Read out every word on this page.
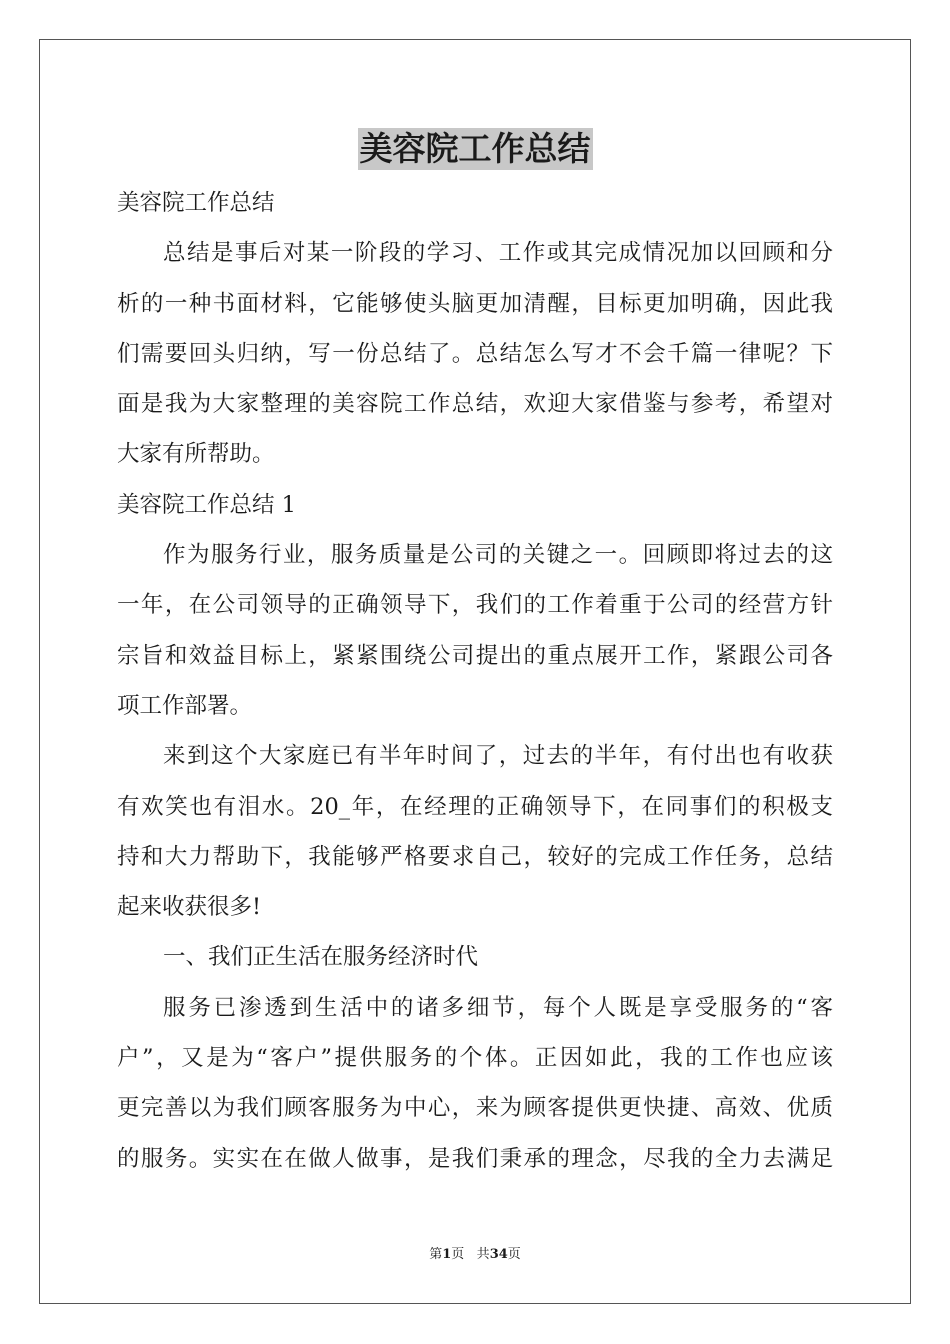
美容院工作总结
美容院工作总结
总结是事后对某一阶段的学习、工作或其完成情况加以回顾和分
析的一种书面材料，它能够使头脑更加清醒，目标更加明确，因此我
们需要回头归纳，写一份总结了。总结怎么写才不会千篇一律呢？下
面是我为大家整理的美容院工作总结，欢迎大家借鉴与参考，希望对
大家有所帮助。
美容院工作总结 1
作为服务行业，服务质量是公司的关键之一。回顾即将过去的这
一年，在公司领导的正确领导下，我们的工作着重于公司的经营方针
宗旨和效益目标上，紧紧围绕公司提出的重点展开工作，紧跟公司各
项工作部署。
来到这个大家庭已有半年时间了，过去的半年，有付出也有收获
有欢笑也有泪水。20_年，在经理的正确领导下，在同事们的积极支
持和大力帮助下，我能够严格要求自己，较好的完成工作任务，总结
起来收获很多!
一、我们正生活在服务经济时代
服务已渗透到生活中的诸多细节，每个人既是享受服务的“客
户”，又是为“客户”提供服务的个体。正因如此，我的工作也应该
更完善以为我们顾客服务为中心，来为顾客提供更快捷、高效、优质
的服务。实实在在做人做事，是我们秉承的理念，尽我的全力去满足
第1页 共34页
